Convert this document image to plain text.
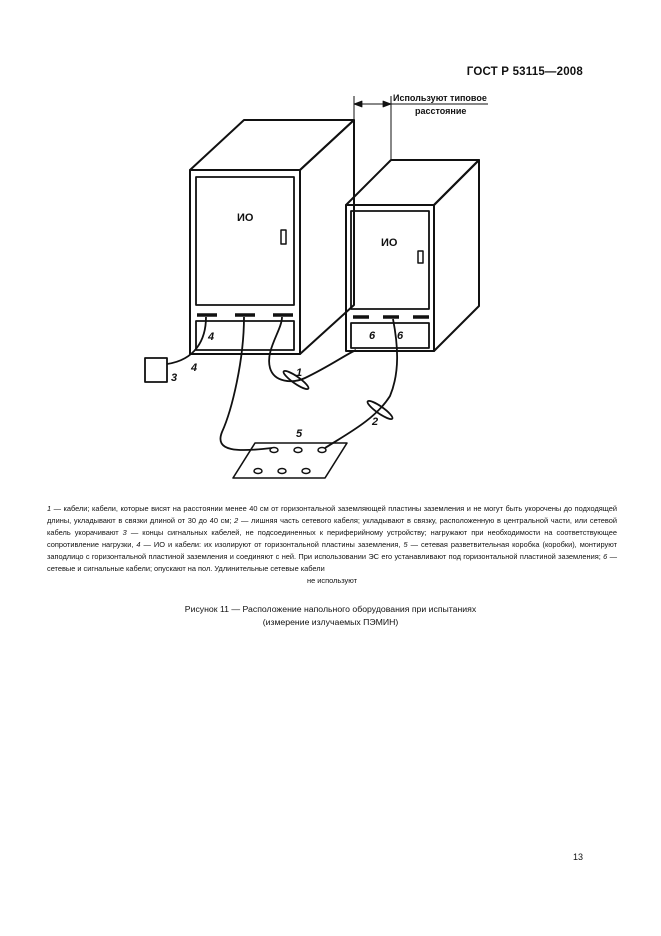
ГОСТ Р 53115—2008
Используют типовое
расстояние
ИО
ИО
3
4
4
1
2
5
6 6

1 — кабели; кабели, которые висят на расстоянии менее 40 см от горизонтальной заземляющей пластины заземления и не могут быть укорочены до подходящей длины, укладывают в связки длиной от 30 до 40 см; 2 — лишняя часть сетевого кабеля; укладывают в связку, расположенную в центральной части, или сетевой кабель укорачивают 3 — концы сигнальных кабелей, не подсоединенных к периферийному устройству; нагружают при необходимости на соответствующее сопротивление нагрузки, 4 — ИО и кабели: их изолируют от горизонтальной пластины заземления, 5 — сетевая разветвительная коробка (коробки), монтируют заподлицо с горизонтальной пластиной заземления и соединяют с ней. При использовании ЭС его устанавливают под горизонтальной пластиной заземления; 6 — сетевые и сигнальные кабели; опускают на пол. Удлинительные сетевые кабели

не используют

Рисунок 11 — Расположение напольного оборудования при испытаниях
(измерение излучаемых ПЭМИН)
13
